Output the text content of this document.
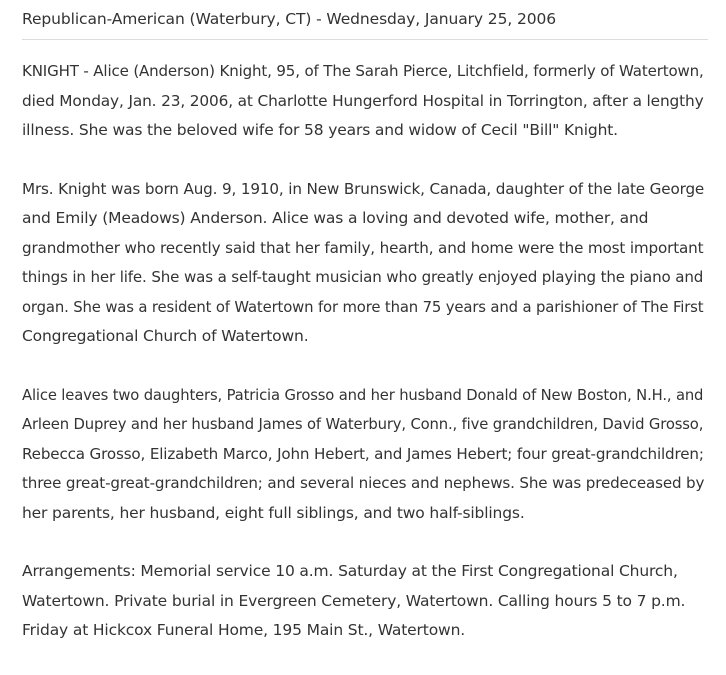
Republican-American (Waterbury, CT) - Wednesday, January 25, 2006

KNIGHT - Alice (Anderson) Knight, 95, of The Sarah Pierce, Litchfield, formerly of Watertown,
died Monday, Jan. 23, 2006, at Charlotte Hungerford Hospital in Torrington, after a lengthy
illness. She was the beloved wife for 58 years and widow of Cecil "Bill" Knight.

Mrs. Knight was born Aug. 9, 1910, in New Brunswick, Canada, daughter of the late George
and Emily (Meadows) Anderson. Alice was a loving and devoted wife, mother, and
grandmother who recently said that her family, hearth, and home were the most important
things in her life. She was a self-taught musician who greatly enjoyed playing the piano and
organ. She was a resident of Watertown for more than 75 years and a parishioner of The First
Congregational Church of Watertown.

Alice leaves two daughters, Patricia Grosso and her husband Donald of New Boston, N.H., and
Arleen Duprey and her husband James of Waterbury, Conn., five grandchildren, David Grosso,
Rebecca Grosso, Elizabeth Marco, John Hebert, and James Hebert; four great-grandchildren;
three great-great-grandchildren; and several nieces and nephews. She was predeceased by
her parents, her husband, eight full siblings, and two half-siblings.

Arrangements: Memorial service 10 a.m. Saturday at the First Congregational Church,
Watertown. Private burial in Evergreen Cemetery, Watertown. Calling hours 5 to 7 p.m.
Friday at Hickcox Funeral Home, 195 Main St., Watertown.
